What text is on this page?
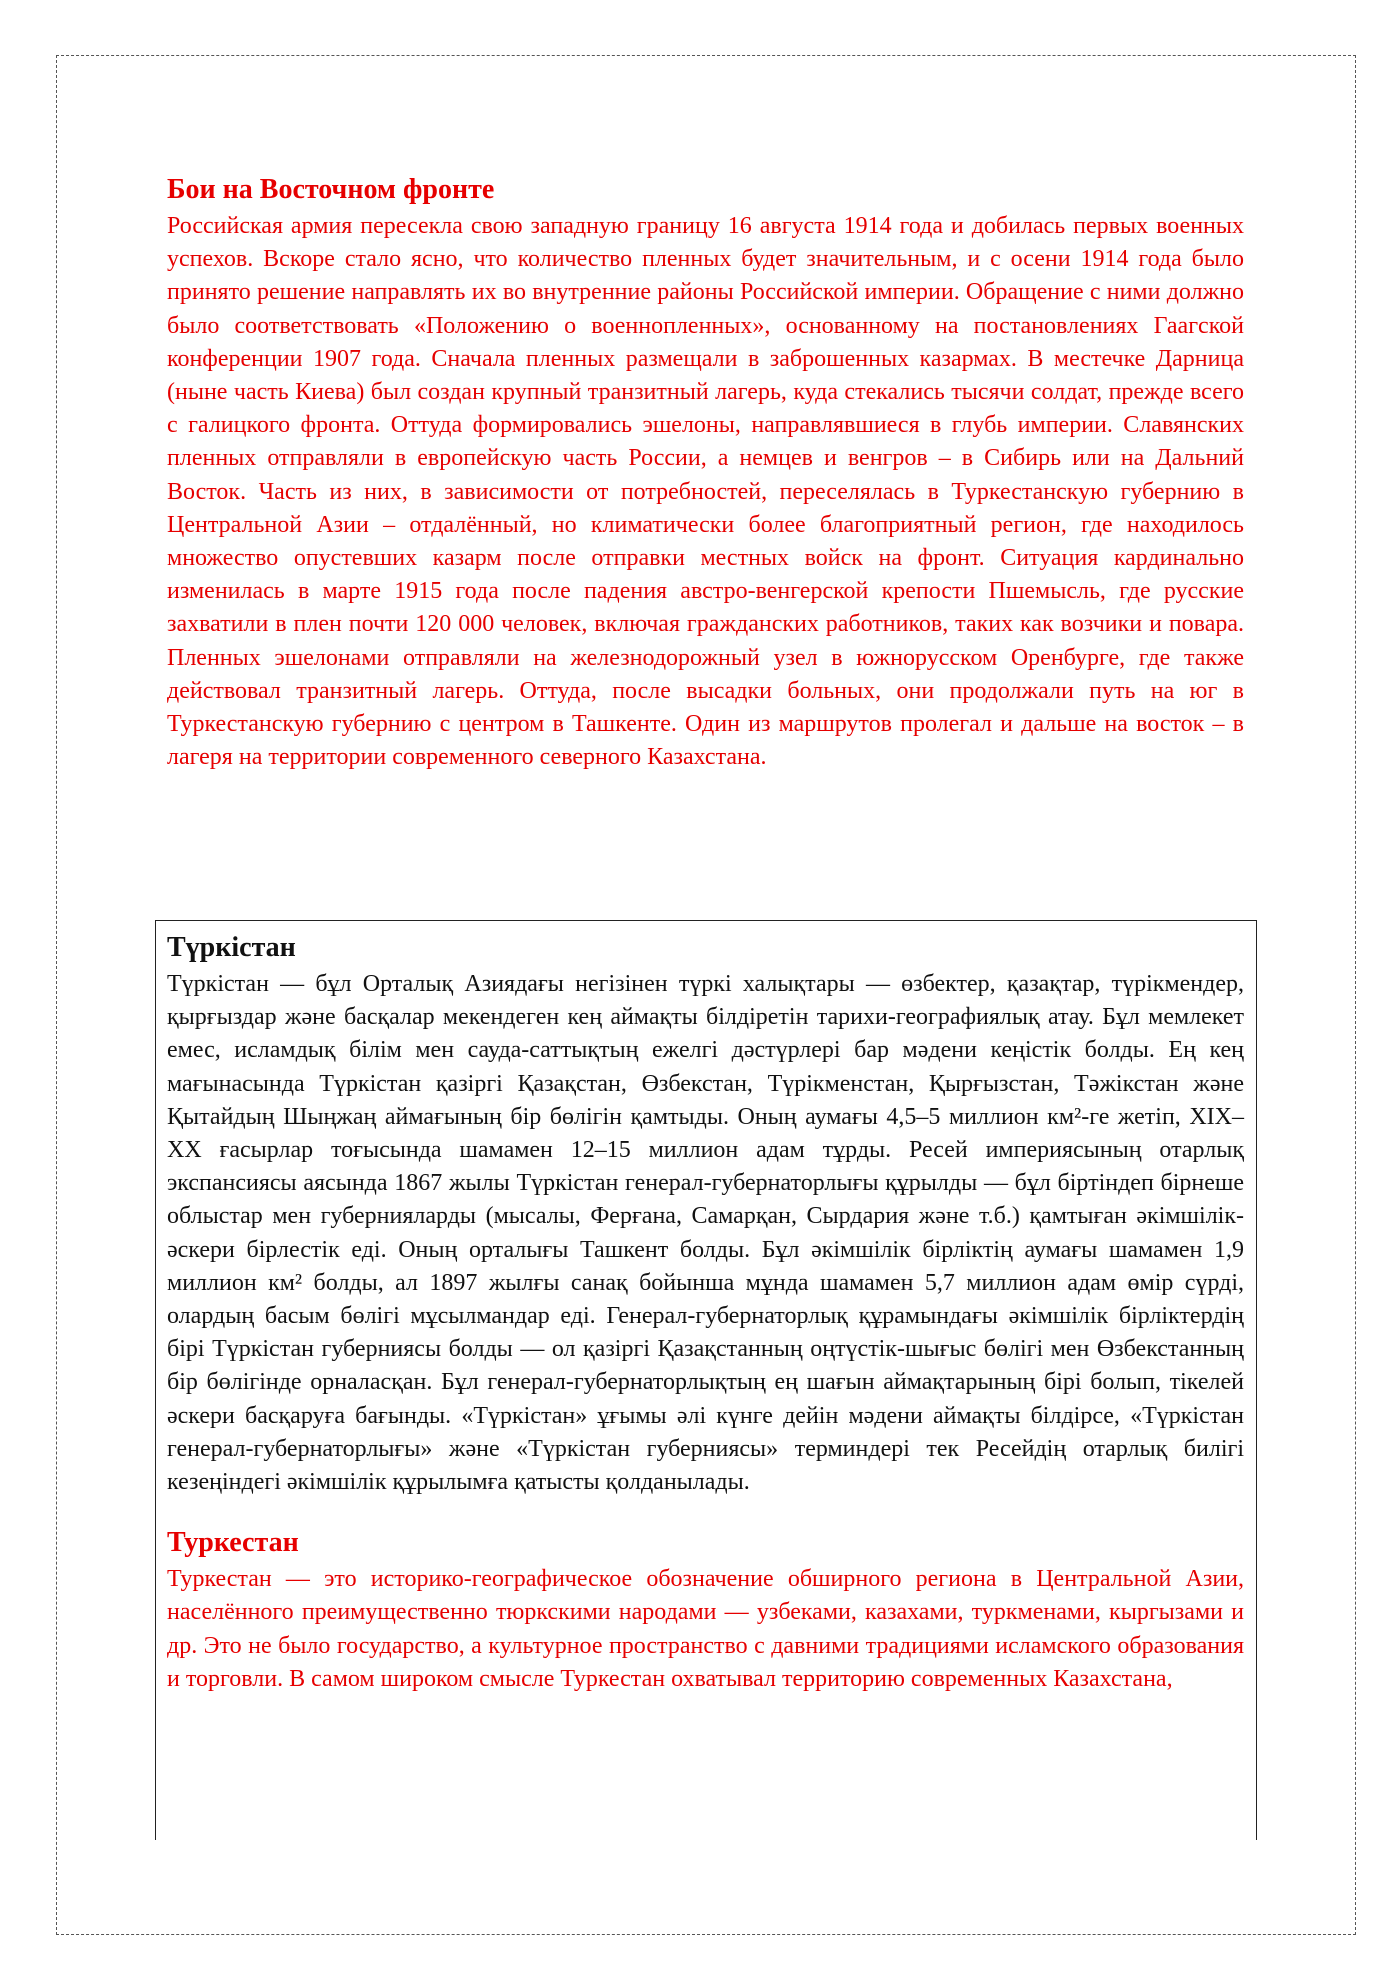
Бои на Восточном фронте

Российская армия пересекла свою западную границу 16 августа 1914 года и добилась первых военных успехов. Вскоре стало ясно, что количество пленных будет значительным, и с осени 1914 года было принято решение направлять их во внутренние районы Российской империи. Обращение с ними должно было соответствовать «Положению о военнопленных», основанному на постановлениях Гаагской конференции 1907 года. Сначала пленных размещали в заброшенных казармах. В местечке Дарница (ныне часть Киева) был создан крупный транзитный лагерь, куда стекались тысячи солдат, прежде всего с галицкого фронта. Оттуда формировались эшелоны, направлявшиеся в глубь империи. Славянских пленных отправляли в европейскую часть России, а немцев и венгров – в Сибирь или на Дальний Восток. Часть из них, в зависимости от потребностей, переселялась в Туркестанскую губернию в Центральной Азии – отдалённый, но климатически более благоприятный регион, где находилось множество опустевших казарм после отправки местных войск на фронт. Ситуация кардинально изменилась в марте 1915 года после падения австро-венгерской крепости Пшемысль, где русские захватили в плен почти 120 000 человек, включая гражданских работников, таких как возчики и повара. Пленных эшелонами отправляли на железнодорожный узел в южнорусском Оренбурге, где также действовал транзитный лагерь. Оттуда, после высадки больных, они продолжали путь на юг в Туркестанскую губернию с центром в Ташкенте. Один из маршрутов пролегал и дальше на восток – в лагеря на территории современного северного Казахстана.

Түркістан

Түркістан — бұл Орталық Азиядағы негізінен түркі халықтары — өзбектер, қазақтар, түрікмендер, қырғыздар және басқалар мекендеген кең аймақты білдіретін тарихи-географиялық атау. Бұл мемлекет емес, исламдық білім мен сауда-саттықтың ежелгі дәстүрлері бар мәдени кеңістік болды. Ең кең мағынасында Түркістан қазіргі Қазақстан, Өзбекстан, Түрікменстан, Қырғызстан, Тәжікстан және Қытайдың Шыңжаң аймағының бір бөлігін қамтыды. Оның аумағы 4,5–5 миллион км²-ге жетіп, XIX–XX ғасырлар тоғысында шамамен 12–15 миллион адам тұрды. Ресей империясының отарлық экспансиясы аясында 1867 жылы Түркістан генерал-губернаторлығы құрылды — бұл біртіндеп бірнеше облыстар мен губернияларды (мысалы, Ферғана, Самарқан, Сырдария және т.б.) қамтыған әкімшілік-әскери бірлестік еді. Оның орталығы Ташкент болды. Бұл әкімшілік бірліктің аумағы шамамен 1,9 миллион км² болды, ал 1897 жылғы санақ бойынша мұнда шамамен 5,7 миллион адам өмір сүрді, олардың басым бөлігі мұсылмандар еді. Генерал-губернаторлық құрамындағы әкімшілік бірліктердің бірі Түркістан губерниясы болды — ол қазіргі Қазақстанның оңтүстік-шығыс бөлігі мен Өзбекстанның бір бөлігінде орналасқан. Бұл генерал-губернаторлықтың ең шағын аймақтарының бірі болып, тікелей әскери басқаруға бағынды. «Түркістан» ұғымы әлі күнге дейін мәдени аймақты білдірсе, «Түркістан генерал-губернаторлығы» және «Түркістан губерниясы» терминдері тек Ресейдің отарлық билігі кезеңіндегі әкімшілік құрылымға қатысты қолданылады.

Туркестан

Туркестан — это историко-географическое обозначение обширного региона в Центральной Азии, населённого преимущественно тюркскими народами — узбеками, казахами, туркменами, кыргызами и др. Это не было государство, а культурное пространство с давними традициями исламского образования и торговли. В самом широком смысле Туркестан охватывал территорию современных Казахстана,
